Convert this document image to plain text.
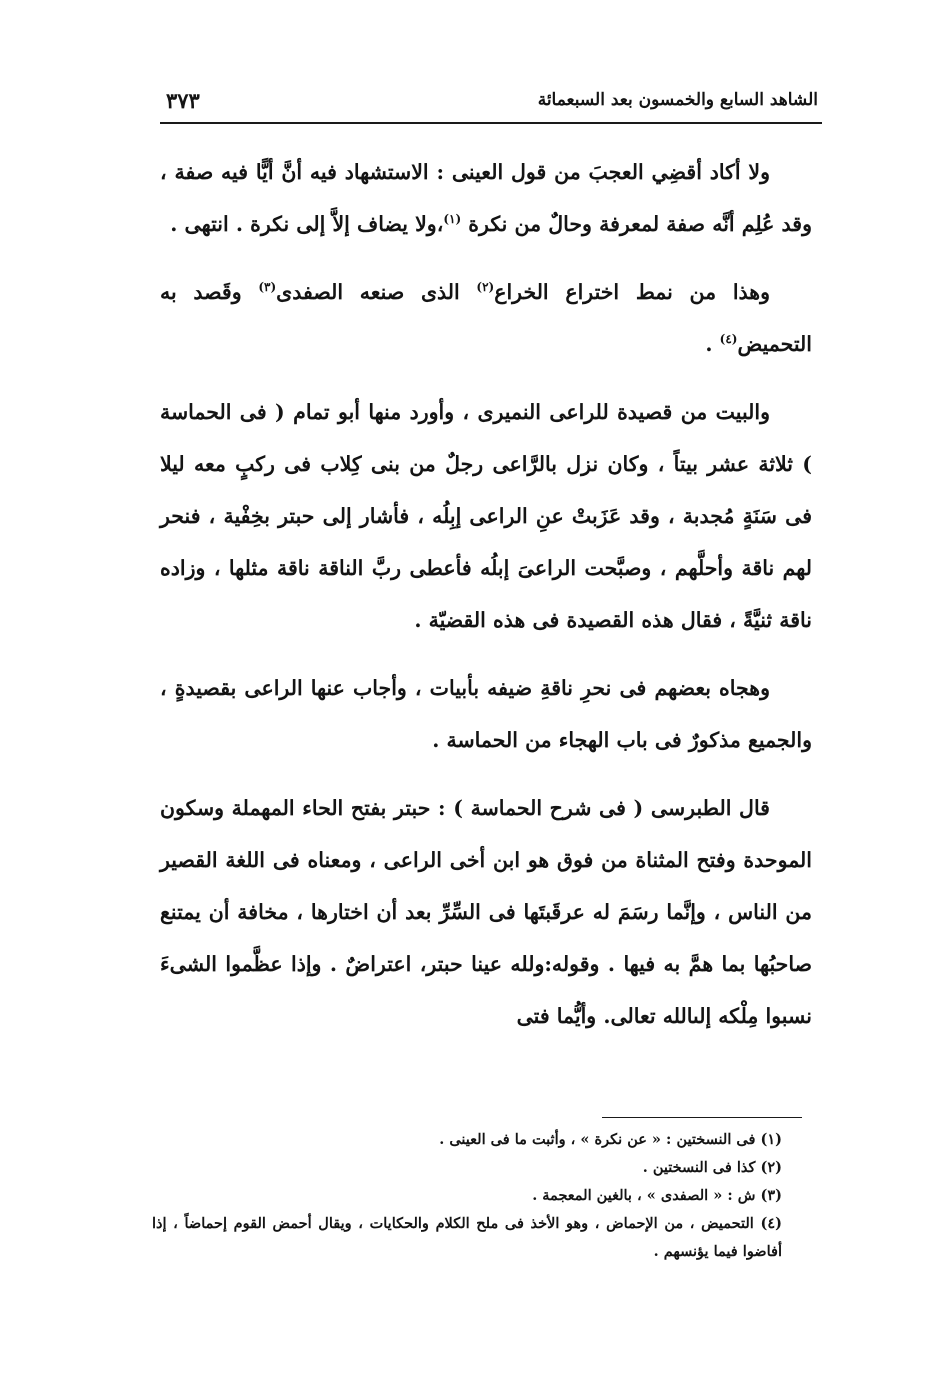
الشاهد السابع والخمسون بعد السبعمائة
٣٧٣

ولا أكاد أقضِي العجبَ من قول العينى : الاستشهاد فيه أنَّ أيًّا فيه صفة ، وقد عُلِم أنَّه صفة لمعرفة وحالٌ من نكرة $^{(١)}$،ولا يضاف إلاَّ إلى نكرة . انتهى .

وهذا من نمط اختراع الخراع$^{(٢)}$ الذى صنعه الصفدى$^{(٣)}$ وقَصد به التحميض$^{(٤)}$ .

والبيت من قصيدة للراعى النميرى ، وأورد منها أبو تمام ( فى الحماسة ) ثلاثة عشر بيتاً ، وكان نزل بالرَّاعى رجلٌ من بنى كِلاب فى ركبٍ معه ليلا فى سَنَةٍ مُجدبة ، وقد عَزَبتْ عنِ الراعى إبِلُه ، فأشار إلى حبتر بخِفْية ، فنحر لهم ناقة وأحلَّهم ، وصبَّحت الراعىَ إبلُه فأعطى ربَّ الناقة ناقة مثلها ، وزاده ناقة ثنيَّةً ، فقال هذه القصيدة فى هذه القضيّة .

وهجاه بعضهم فى نحرِ ناقةِ ضيفه بأبيات ، وأجاب عنها الراعى بقصيدةٍ ، والجميع مذكورٌ فى باب الهجاء من الحماسة .

قال الطبرسى ( فى شرح الحماسة ) : حبتر بفتح الحاء المهملة وسكون الموحدة وفتح المثناة من فوق هو ابن أخى الراعى ، ومعناه فى اللغة القصير من الناس ، وإنَّما رسَمَ له عرقَبتَها فى السِّرِّ بعد أن اختارها ، مخافة أن يمتنع صاحبُها بما همَّ به فيها . وقوله:ولله عينا حبتر، اعتراضٌ . وإذا عظَّموا الشىءَ نسبوا مِلْكه إلىالله تعالى. وأيُّما فتى

(١) فى النسختين : « عن نكرة » ، وأثبت ما فى العينى .

(٢) كذا فى النسختين .

(٣) ش : « الصفدى » ، بالغين المعجمة .

(٤) التحميض ، من الإحماض ، وهو الأخذ فى ملح الكلام والحكايات ، ويقال أحمض القوم إحماضاً ، إذا أفاضوا فيما يؤنسهم .
